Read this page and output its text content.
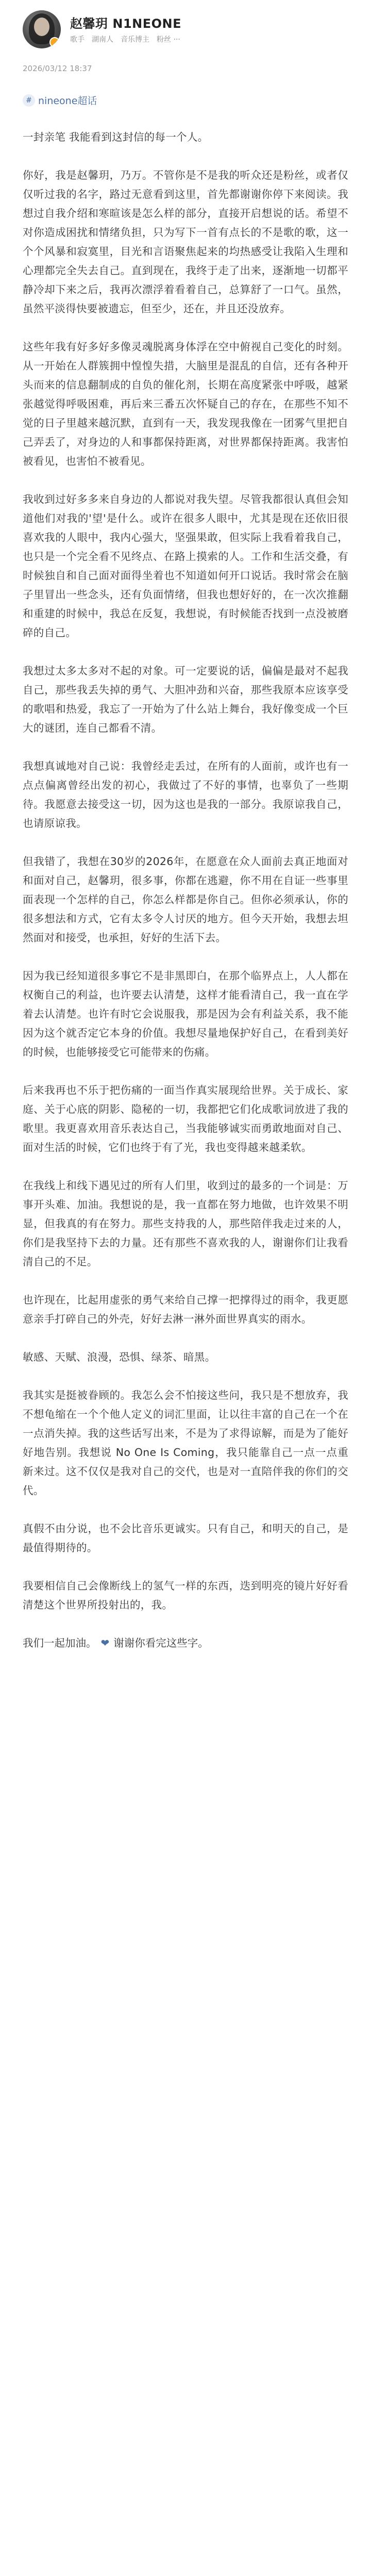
赵馨玥 N1NEONE
歌手 湖南人 音乐博主 粉丝 ···
2026/03/12 18:37
# nineone超话

一封亲笔 我能看到这封信的每一个人。

你好，我是赵馨玥，乃万。不管你是不是我的听众还是粉丝，或者仅仅听过我的名字，路过无意看到这里，首先都谢谢你停下来阅读。我想过自我介绍和寒暄该是怎么样的部分，直接开启想说的话。希望不对你造成困扰和情绪负担，只为写下一首有点长的不是歌的歌，这一个个风暴和寂寞里，目光和言语聚焦起来的均热感受让我陷入生理和心理都完全失去自己。直到现在，我终于走了出来，逐渐地一切都平静冷却下来之后，我再次漂浮着看着自己，总算舒了一口气。虽然，虽然平淡得快要被遗忘，但至少，还在，并且还没放弃。

这些年我有好多好多像灵魂脱离身体浮在空中俯视自己变化的时刻。从一开始在人群簇拥中惶惶失措，大脑里是混乱的自信，还有各种开头而来的信息翻制成的自负的催化剂，长期在高度紧张中呼吸，越紧张越觉得呼吸困难，再后来三番五次怀疑自己的存在，在那些不知不觉的日子里越来越沉默，直到有一天，我发现我像在一团雾气里把自己弄丢了，对身边的人和事都保持距离，对世界都保持距离。我害怕被看见，也害怕不被看见。

我收到过好多多来自身边的人都说对我失望。尽管我都很认真但会知道他们对我的'望'是什么。或许在很多人眼中，尤其是现在还依旧很喜欢我的人眼中，我内心强大，坚强果敢，但实际上我看着我自己，也只是一个完全看不见终点、在路上摸索的人。工作和生活交叠，有时候独自和自己面对面得坐着也不知道如何开口说话。我时常会在脑子里冒出一些念头，还有负面情绪，但我也想好好的，在一次次推翻和重建的时候中，我总在反复，我想说，有时候能否找到一点没被磨碎的自己。

我想过太多太多对不起的对象。可一定要说的话，偏偏是最对不起我自己，那些我丢失掉的勇气、大胆冲劲和兴奋，那些我原本应该享受的歌唱和热爱，我忘了一开始为了什么站上舞台，我好像变成一个巨大的谜团，连自己都看不清。

我想真诚地对自己说：我曾经走丢过，在所有的人面前，或许也有一点点偏离曾经出发的初心，我做过了不好的事情，也辜负了一些期待。我愿意去接受这一切，因为这也是我的一部分。我原谅我自己，也请原谅我。

但我错了，我想在30岁的2026年，在愿意在众人面前去真正地面对和面对自己，赵馨玥，很多事，你都在逃避，你不用在自证一些事里面表现一个怎样的自己，你怎么样都是你自己。但你必须承认，你的很多想法和方式，它有太多令人讨厌的地方。但今天开始，我想去坦然面对和接受，也承担，好好的生活下去。

因为我已经知道很多事它不是非黑即白，在那个临界点上，人人都在权衡自己的利益，也许要去认清楚，这样才能看清自己，我一直在学着去认清楚。也许有时它会说服我，那是因为会有利益关系，我不能因为这个就否定它本身的价值。我想尽量地保护好自己，在看到美好的时候，也能够接受它可能带来的伤痛。

后来我再也不乐于把伤痛的一面当作真实展现给世界。关于成长、家庭、关于心底的阴影、隐秘的一切，我都把它们化成歌词放进了我的歌里。我更喜欢用音乐表达自己，当我能够诚实而勇敢地面对自己、面对生活的时候，它们也终于有了光，我也变得越来越柔软。

在我线上和线下遇见过的所有人们里，收到过的最多的一个词是：万事开头难、加油。我想说的是，我一直都在努力地做，也许效果不明显，但我真的有在努力。那些支持我的人，那些陪伴我走过来的人，你们是我坚持下去的力量。还有那些不喜欢我的人，谢谢你们让我看清自己的不足。

也许现在，比起用虚张的勇气来给自己撑一把撑得过的雨伞，我更愿意亲手打碎自己的外壳，好好去淋一淋外面世界真实的雨水。

敏感、天赋、浪漫，恐惧、绿茶、暗黑。

我其实是挺被眷顾的。我怎么会不怕接这些问，我只是不想放弃，我不想龟缩在一个个他人定义的词汇里面，让以往丰富的自己在一个在一点消失掉。我的这些话写出来，不是为了求得谅解，而是为了能好好地告别。我想说 No One Is Coming，我只能靠自己一点一点重新来过。这不仅仅是我对自己的交代，也是对一直陪伴我的你们的交代。

真假不由分说，也不会比音乐更诚实。只有自己，和明天的自己，是最值得期待的。

我要相信自己会像断线上的氢气一样的东西，迭到明亮的镜片好好看清楚这个世界所投射出的，我。

我们一起加油。 ❤ 谢谢你看完这些字。
